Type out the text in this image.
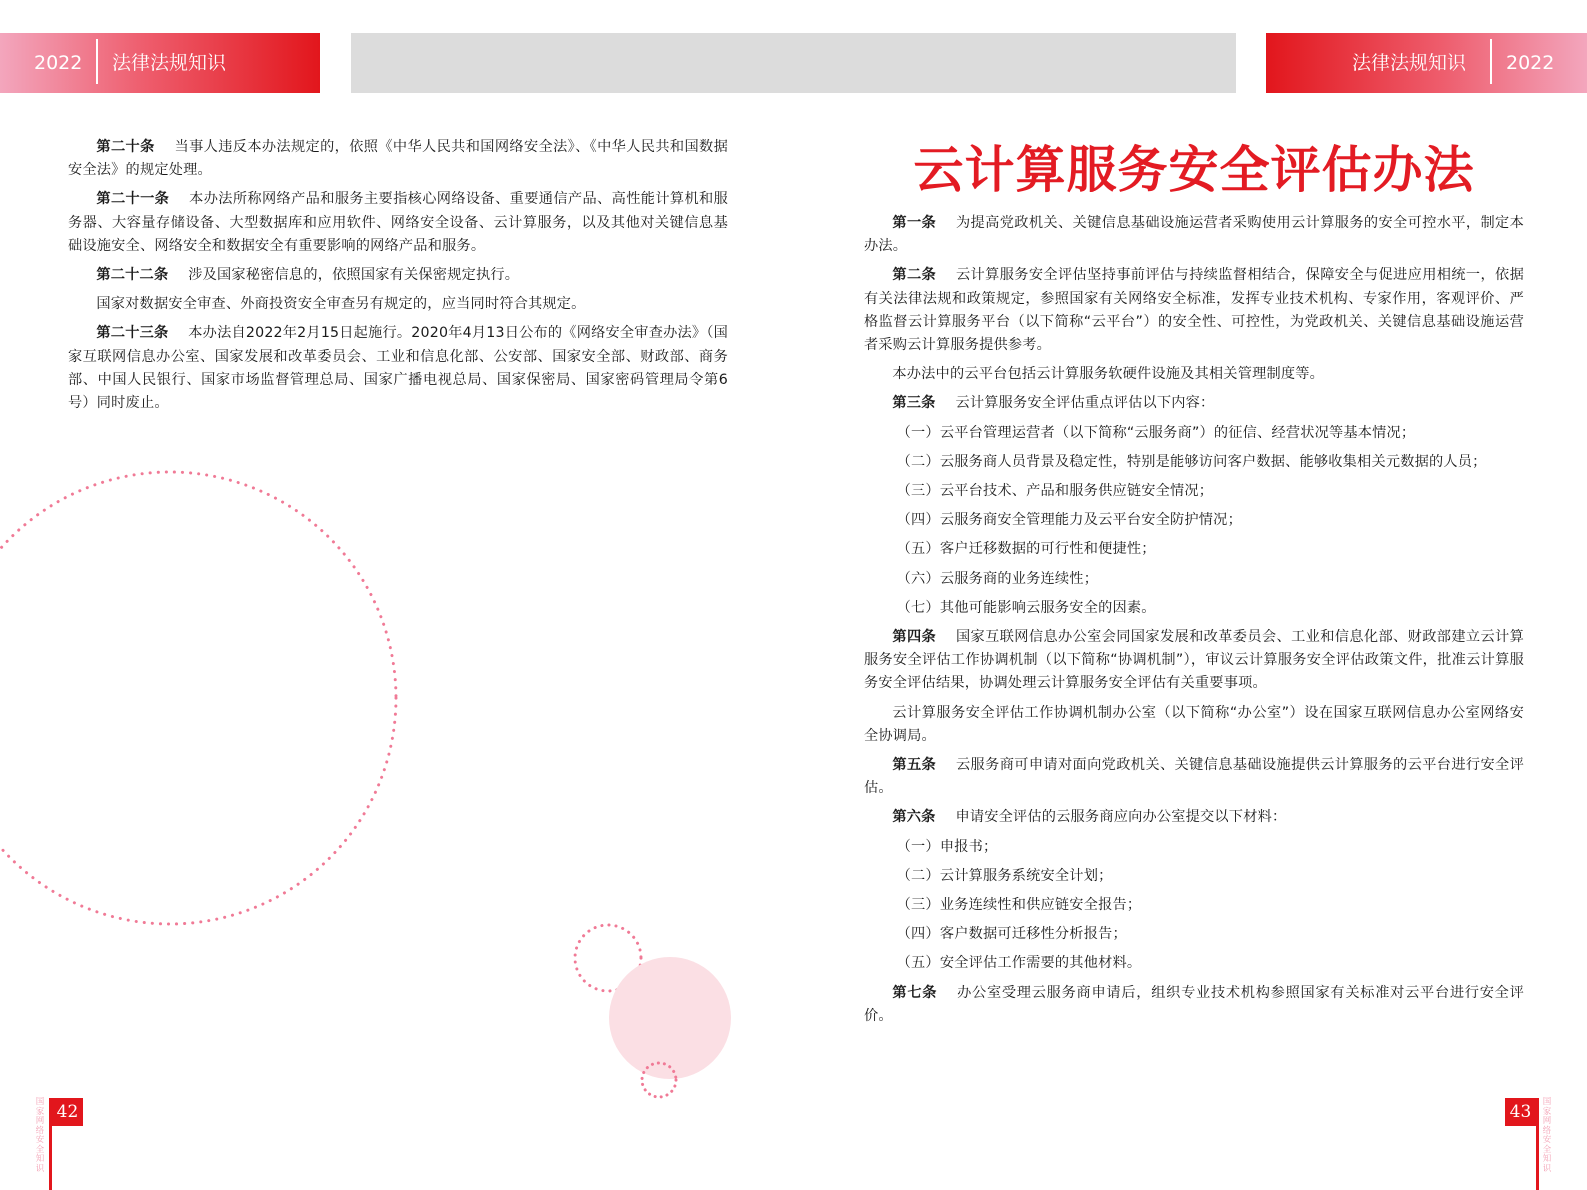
2022 法律法规知识	法律法规知识 2022

第二十条 当事人违反本办法规定的，依照《中华人民共和国网络安全法》、《中华人民共和国数据安全法》的规定处理。

第二十一条 本办法所称网络产品和服务主要指核心网络设备、重要通信产品、高性能计算机和服务器、大容量存储设备、大型数据库和应用软件、网络安全设备、云计算服务，以及其他对关键信息基础设施安全、网络安全和数据安全有重要影响的网络产品和服务。

第二十二条 涉及国家秘密信息的，依照国家有关保密规定执行。

国家对数据安全审查、外商投资安全审查另有规定的，应当同时符合其规定。

第二十三条 本办法自2022年2月15日起施行。2020年4月13日公布的《网络安全审查办法》（国家互联网信息办公室、国家发展和改革委员会、工业和信息化部、公安部、国家安全部、财政部、商务部、中国人民银行、国家市场监督管理总局、国家广播电视总局、国家保密局、国家密码管理局令第6号）同时废止。

云计算服务安全评估办法

第一条 为提高党政机关、关键信息基础设施运营者采购使用云计算服务的安全可控水平，制定本办法。

第二条 云计算服务安全评估坚持事前评估与持续监督相结合，保障安全与促进应用相统一，依据有关法律法规和政策规定，参照国家有关网络安全标准，发挥专业技术机构、专家作用，客观评价、严格监督云计算服务平台（以下简称“云平台”）的安全性、可控性，为党政机关、关键信息基础设施运营者采购云计算服务提供参考。

本办法中的云平台包括云计算服务软硬件设施及其相关管理制度等。

第三条 云计算服务安全评估重点评估以下内容：

（一）云平台管理运营者（以下简称“云服务商”）的征信、经营状况等基本情况；

（二）云服务商人员背景及稳定性，特别是能够访问客户数据、能够收集相关元数据的人员；

（三）云平台技术、产品和服务供应链安全情况；

（四）云服务商安全管理能力及云平台安全防护情况；

（五）客户迁移数据的可行性和便捷性；

（六）云服务商的业务连续性；

（七）其他可能影响云服务安全的因素。

第四条 国家互联网信息办公室会同国家发展和改革委员会、工业和信息化部、财政部建立云计算服务安全评估工作协调机制（以下简称“协调机制”），审议云计算服务安全评估政策文件，批准云计算服务安全评估结果，协调处理云计算服务安全评估有关重要事项。

云计算服务安全评估工作协调机制办公室（以下简称“办公室”）设在国家互联网信息办公室网络安全协调局。

第五条 云服务商可申请对面向党政机关、关键信息基础设施提供云计算服务的云平台进行安全评估。

第六条 申请安全评估的云服务商应向办公室提交以下材料：

（一）申报书；

（二）云计算服务系统安全计划；

（三）业务连续性和供应链安全报告；

（四）客户数据可迁移性分析报告；

（五）安全评估工作需要的其他材料。

第七条 办公室受理云服务商申请后，组织专业技术机构参照国家有关标准对云平台进行安全评价。

42
国家网络安全知识
43	国家网络安全知识
